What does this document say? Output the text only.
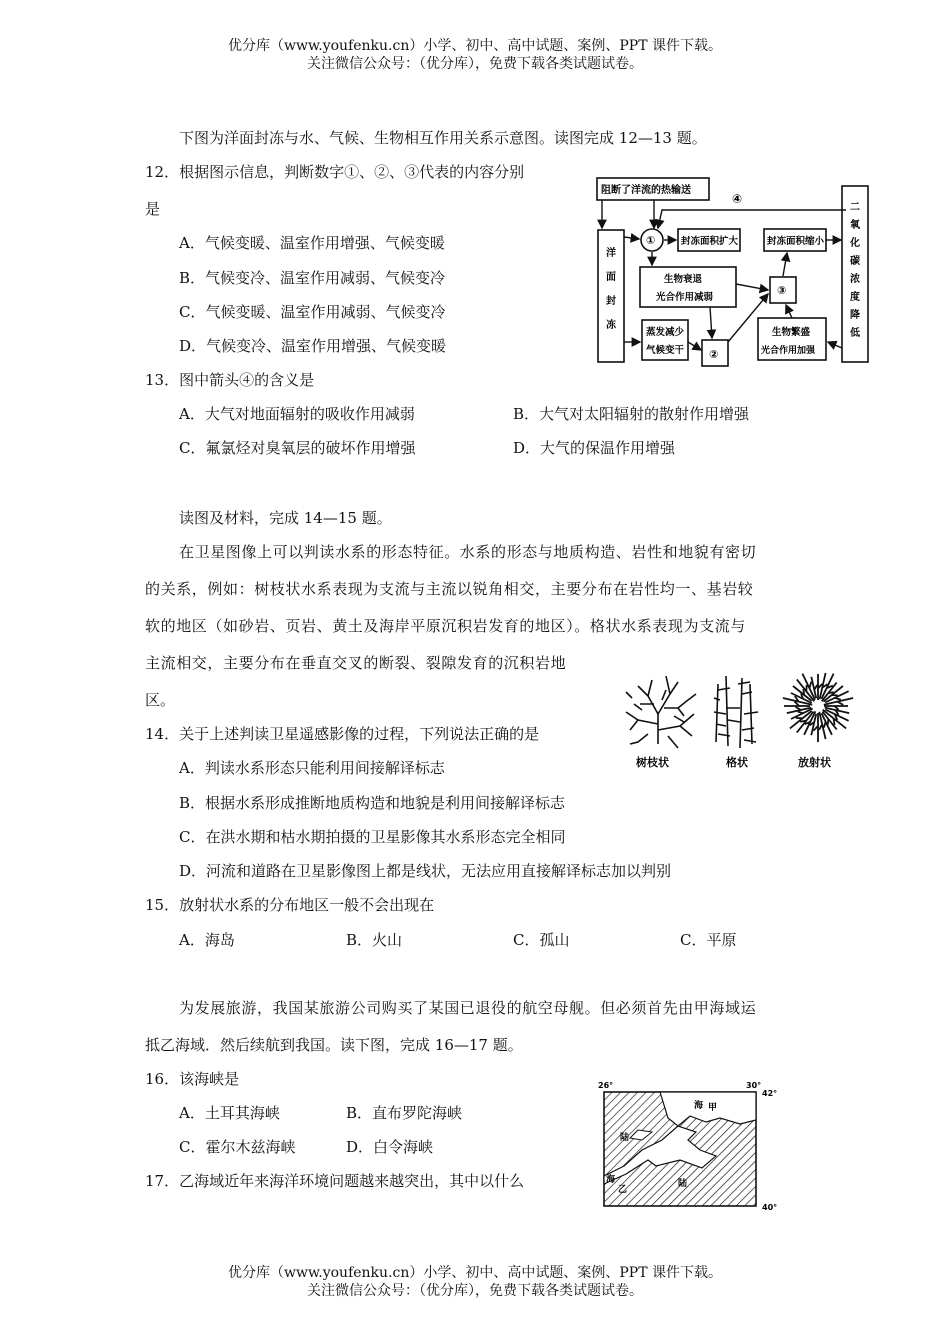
优分库（www.youfenku.cn）小学、初中、高中试题、案例、PPT 课件下载。
关注微信公众号：（优分库），免费下载各类试题试卷。
下图为洋面封冻与水、气候、生物相互作用关系示意图。读图完成 12—13 题。
12．根据图示信息，判断数字①、②、③代表的内容分别
是
A．气候变暖、温室作用增强、气候变暖
B．气候变冷、温室作用减弱、气候变冷
C．气候变暖、温室作用减弱、气候变冷
D．气候变冷、温室作用增强、气候变暖
13．图中箭头④的含义是
A．大气对地面辐射的吸收作用减弱	B．大气对太阳辐射的散射作用增强
C．氟氯烃对臭氧层的破坏作用增强	D．大气的保温作用增强
阻断了洋流的热输送
④
洋面封冻
二氧化碳浓度降低
①	封冻面积扩大	封冻面积缩小
生物衰退
光合作用减弱
③
蒸发减少
气候变干 ②
生物繁盛
光合作用加强
读图及材料，完成 14—15 题。
在卫星图像上可以判读水系的形态特征。水系的形态与地质构造、岩性和地貌有密切
的关系，例如：树枝状水系表现为支流与主流以锐角相交，主要分布在岩性均一、基岩较
软的地区（如砂岩、页岩、黄土及海岸平原沉积岩发育的地区）。格状水系表现为支流与
主流相交，主要分布在垂直交叉的断裂、裂隙发育的沉积岩地
区。
树枝状	格状	放射状
14．关于上述判读卫星遥感影像的过程，下列说法正确的是
A．判读水系形态只能利用间接解译标志
B．根据水系形成推断地质构造和地貌是利用间接解译标志
C．在洪水期和枯水期拍摄的卫星影像其水系形态完全相同
D．河流和道路在卫星影像图上都是线状，无法应用直接解译标志加以判别
15．放射状水系的分布地区一般不会出现在
A．海岛	B．火山	C．孤山	C．平原
为发展旅游，我国某旅游公司购买了某国已退役的航空母舰。但必须首先由甲海域运
抵乙海域．然后续航到我国。读下图，完成 16—17 题。
16．该海峡是
A．土耳其海峡	B．直布罗陀海峡
C．霍尔木兹海峡	D．白令海峡
17．乙海域近年来海洋环境问题越来越突出，其中以什么
26°	30°
42°
40°
陆
海 甲
海
乙
陆
优分库（www.youfenku.cn）小学、初中、高中试题、案例、PPT 课件下载。
关注微信公众号：（优分库），免费下载各类试题试卷。
